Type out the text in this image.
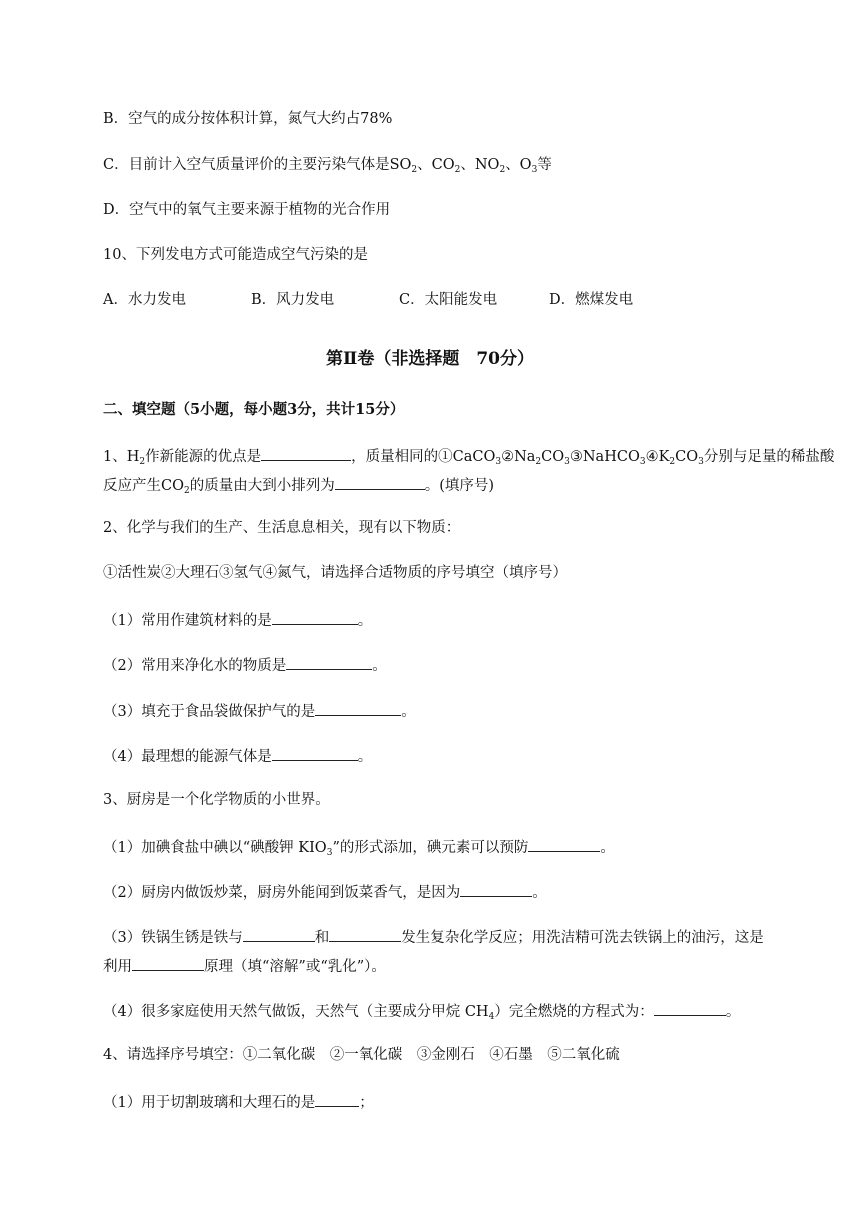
B．空气的成分按体积计算，氮气大约占78%
C．目前计入空气质量评价的主要污染气体是$SO_2$、$CO_2$、$NO_2$、$O_3$等
D．空气中的氧气主要来源于植物的光合作用
10、下列发电方式可能造成空气污染的是
A．水力发电	B．风力发电	C．太阳能发电	D．燃煤发电
第Ⅱ卷（非选择题　70分）
二、填空题（5小题，每小题3分，共计15分）
1、$H_2$作新能源的优点是	，质量相同的$①CaCO_3②Na_2CO_3③NaHCO_3④K_2CO_3$分别与足量的稀盐酸
反应产生$CO_2$的质量由大到小排列为	。(填序号)
2、化学与我们的生产、生活息息相关，现有以下物质：
①活性炭②大理石③氢气④氮气，请选择合适物质的序号填空（填序号）
（1）常用作建筑材料的是	。
（2）常用来净化水的物质是	。
（3）填充于食品袋做保护气的是	。
（4）最理想的能源气体是	。
3、厨房是一个化学物质的小世界。
（1）加碘食盐中碘以“碘酸钾 $KIO_3$”的形式添加，碘元素可以预防	。
（2）厨房内做饭炒菜，厨房外能闻到饭菜香气，是因为	。
（3）铁锅生锈是铁与	和	发生复杂化学反应；用洗洁精可洗去铁锅上的油污，这是
利用	原理（填“溶解”或“乳化”）。
（4）很多家庭使用天然气做饭，天然气（主要成分甲烷 $CH_4$）完全燃烧的方程式为：	。
4、请选择序号填空：①二氧化碳　②一氧化碳　③金刚石　④石墨　⑤二氧化硫
（1）用于切割玻璃和大理石的是	；
